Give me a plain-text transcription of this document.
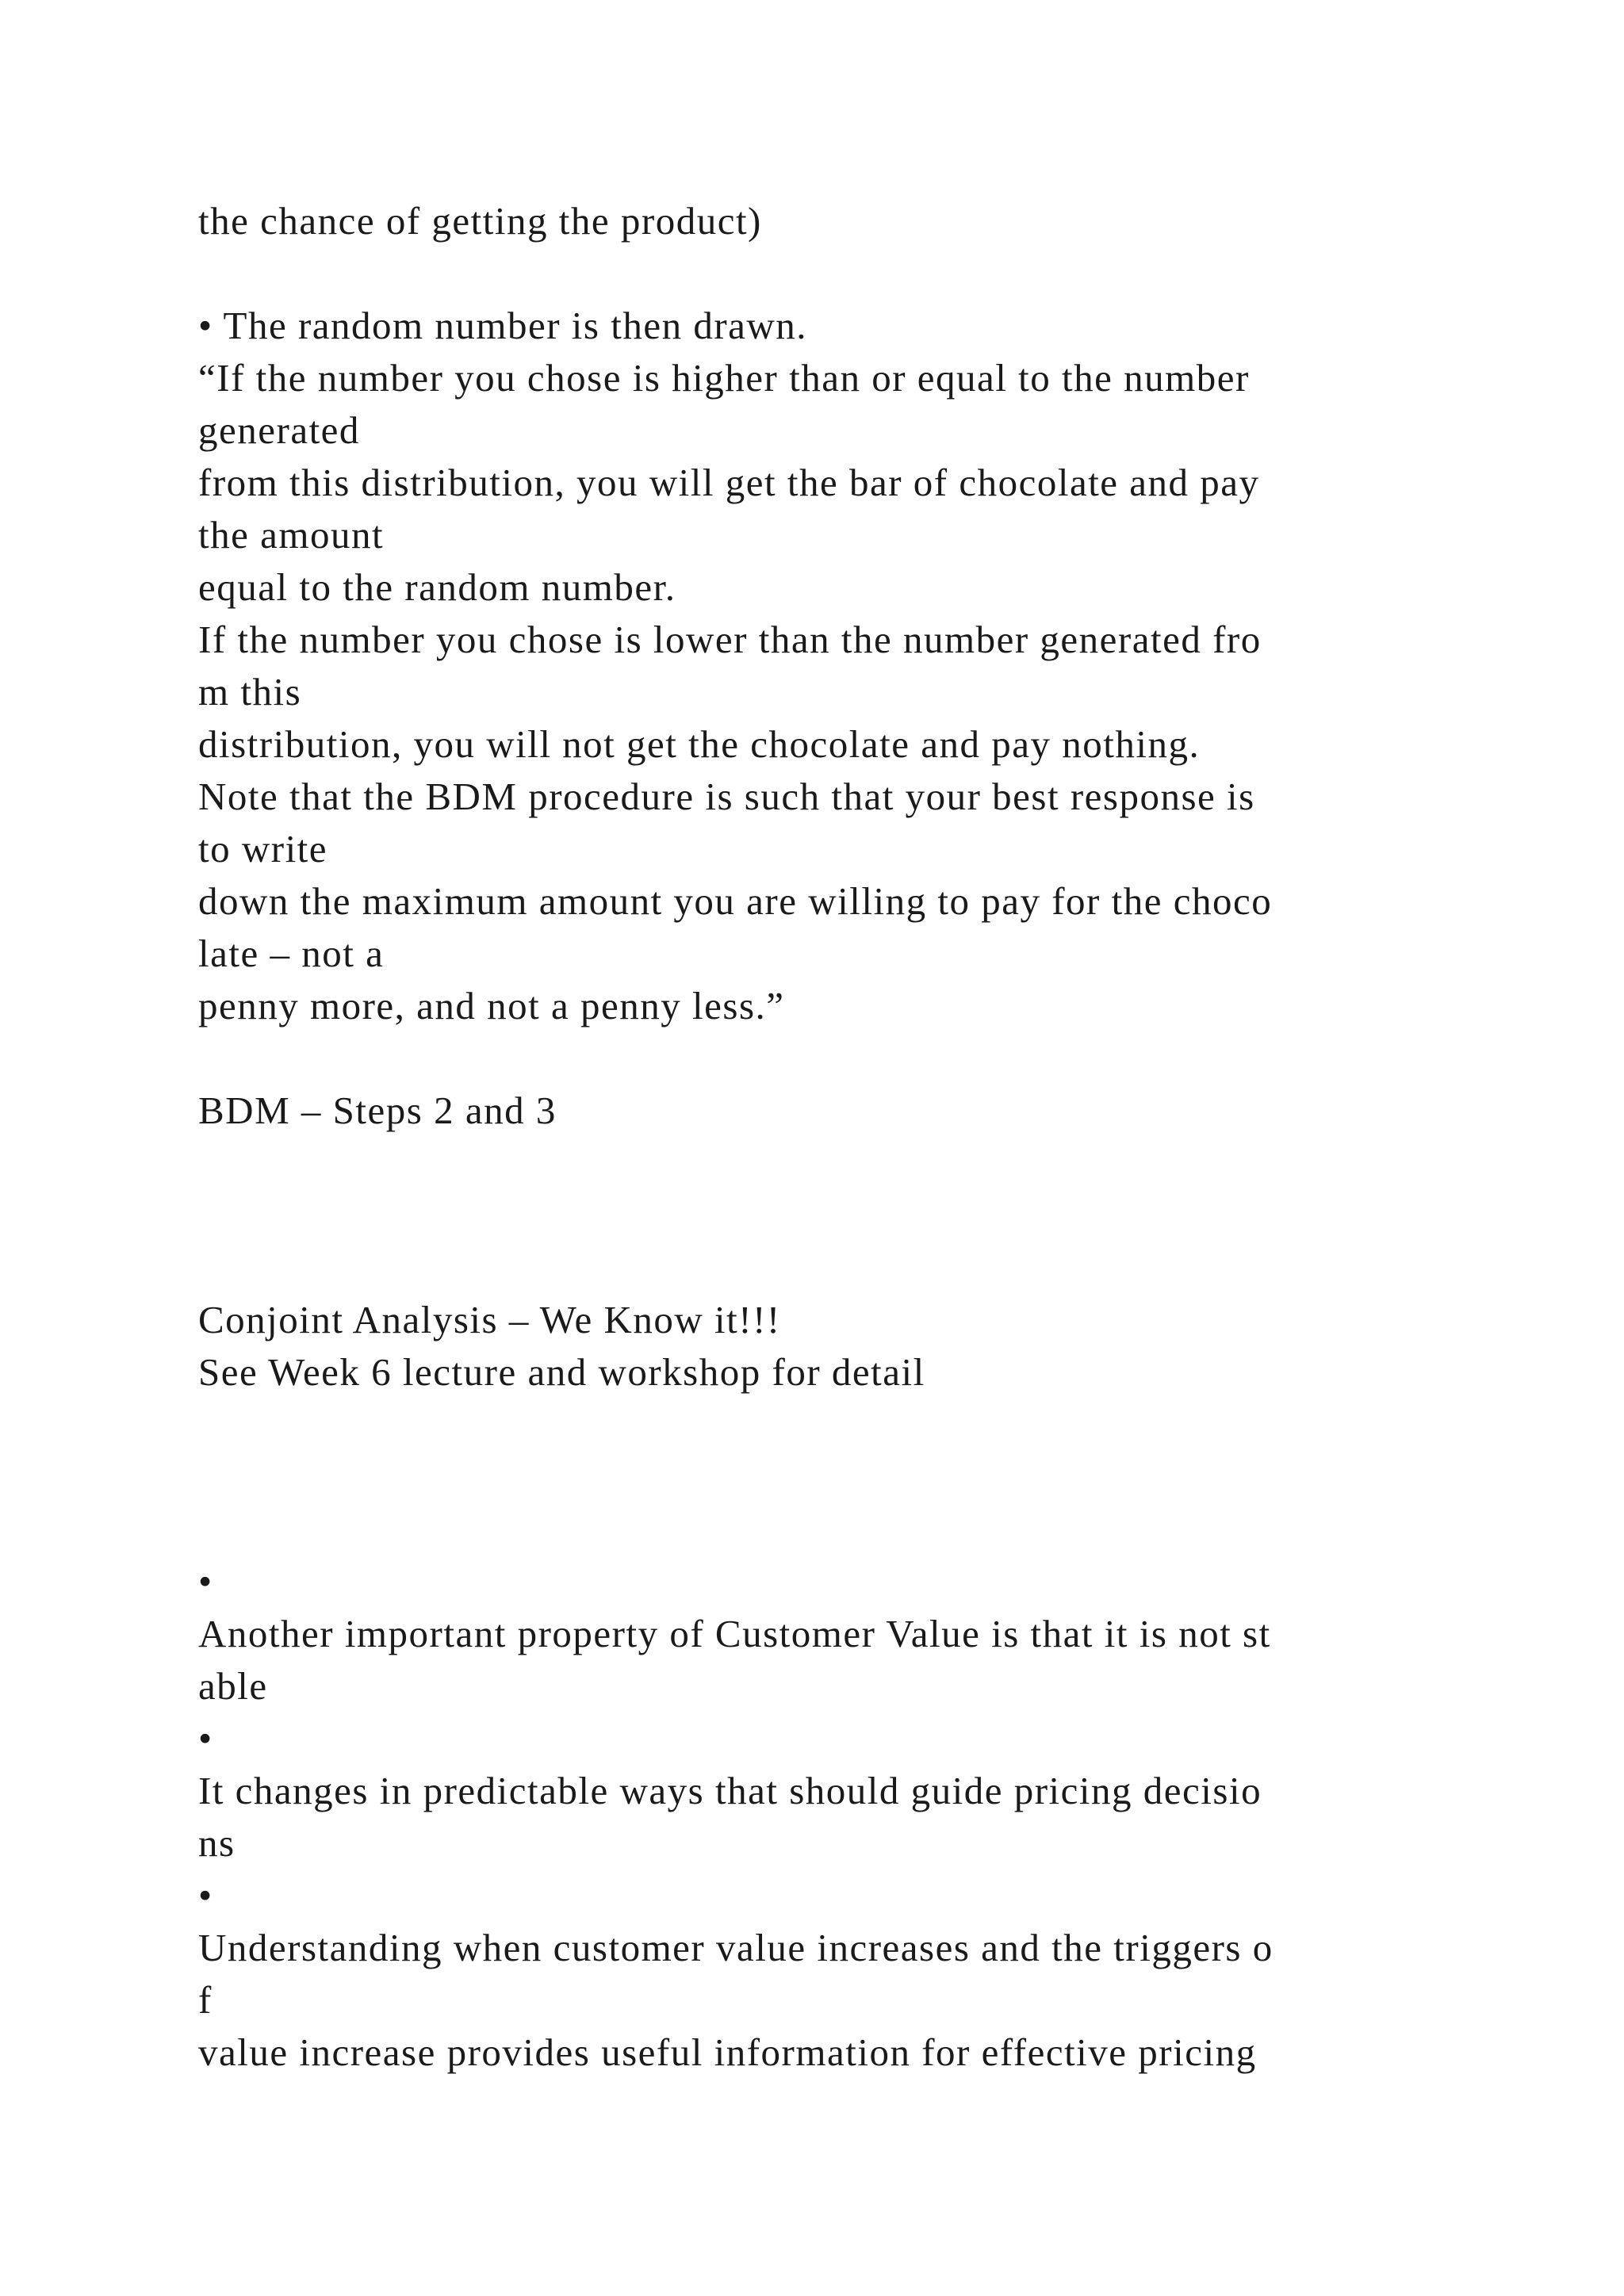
the chance of getting the product)
• The random number is then drawn.
“If the number you chose is higher than or equal to the number
generated
from this distribution, you will get the bar of chocolate and pay
the amount
equal to the random number.
If the number you chose is lower than the number generated fro
m this
distribution, you will not get the chocolate and pay nothing.
Note that the BDM procedure is such that your best response is
to write
down the maximum amount you are willing to pay for the choco
late – not a
penny more, and not a penny less.”
BDM – Steps 2 and 3
Conjoint Analysis – We Know it!!!
See Week 6 lecture and workshop for detail
•
Another important property of Customer Value is that it is not st
able
•
It changes in predictable ways that should guide pricing decisio
ns
•
Understanding when customer value increases and the triggers o
f
value increase provides useful information for effective pricing
